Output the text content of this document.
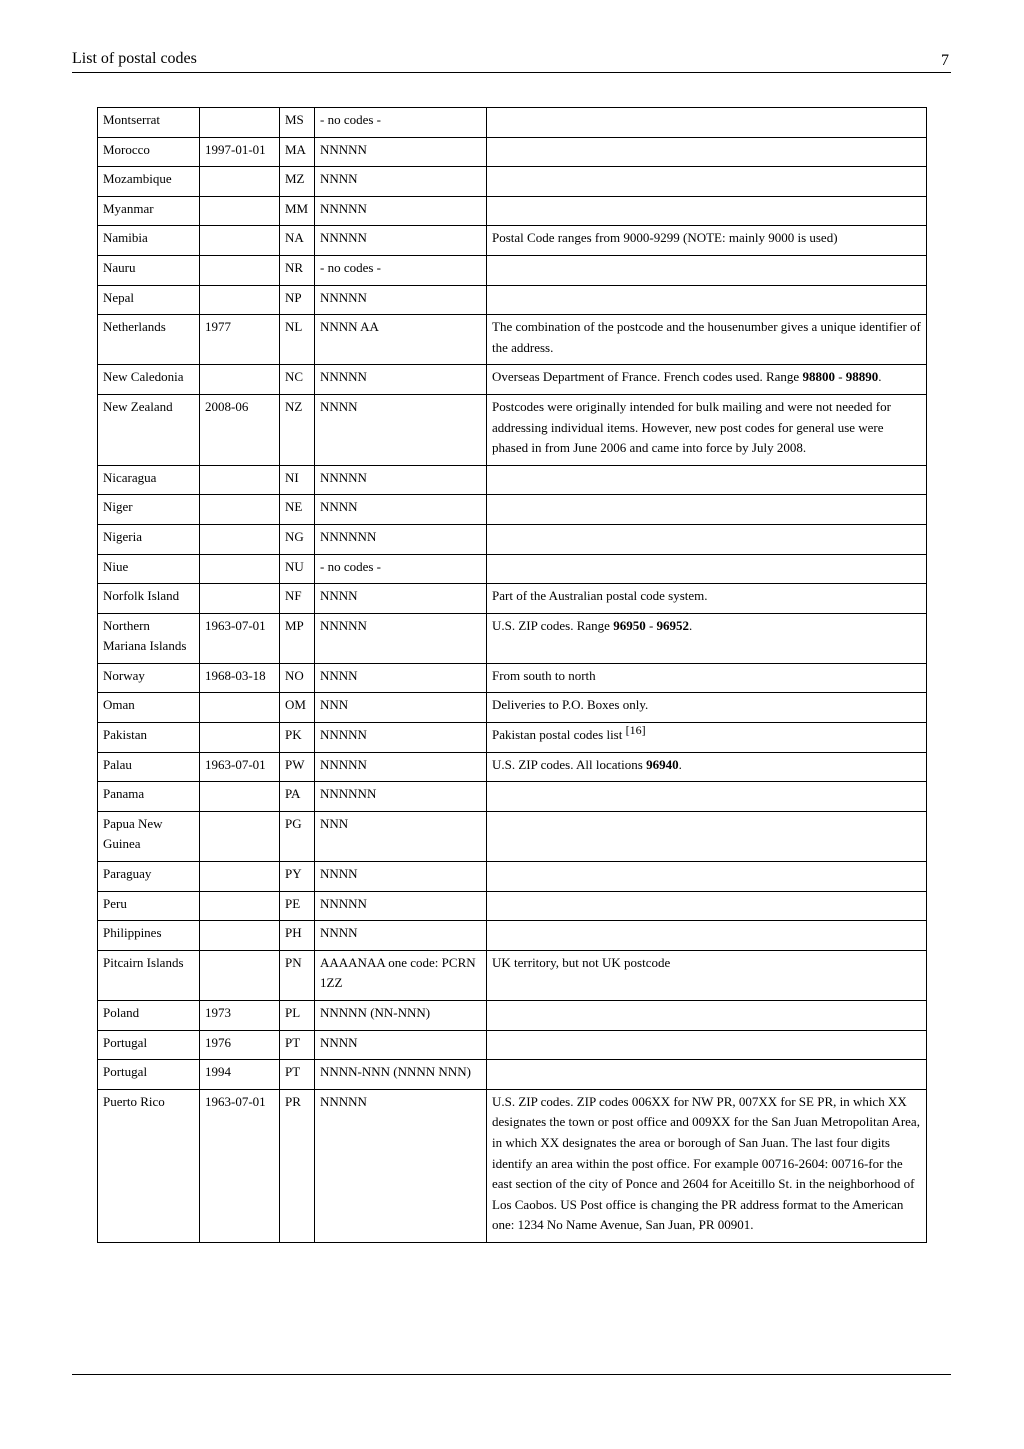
List of postal codes	7
Montserrat		MS	- no codes -	
Morocco	1997-01-01	MA	NNNNN	
Mozambique		MZ	NNNN	
Myanmar		MM	NNNNN	
Namibia		NA	NNNNN	Postal Code ranges from 9000-9299 (NOTE: mainly 9000 is used)
Nauru		NR	- no codes -	
Nepal		NP	NNNNN	
Netherlands	1977	NL	NNNN AA	The combination of the postcode and the housenumber gives a unique identifier of the address.
New Caledonia		NC	NNNNN	Overseas Department of France. French codes used. Range 98800 - 98890.
New Zealand	2008-06	NZ	NNNN	Postcodes were originally intended for bulk mailing and were not needed for addressing individual items. However, new post codes for general use were phased in from June 2006 and came into force by July 2008.
Nicaragua		NI	NNNNN	
Niger		NE	NNNN	
Nigeria		NG	NNNNNN	
Niue		NU	- no codes -	
Norfolk Island		NF	NNNN	Part of the Australian postal code system.
Northern Mariana Islands	1963-07-01	MP	NNNNN	U.S. ZIP codes. Range 96950 - 96952.
Norway	1968-03-18	NO	NNNN	From south to north
Oman		OM	NNN	Deliveries to P.O. Boxes only.
Pakistan		PK	NNNNN	Pakistan postal codes list [16]
Palau	1963-07-01	PW	NNNNN	U.S. ZIP codes. All locations 96940.
Panama		PA	NNNNNN	
Papua New Guinea		PG	NNN	
Paraguay		PY	NNNN	
Peru		PE	NNNNN	
Philippines		PH	NNNN	
Pitcairn Islands		PN	AAAANAA one code: PCRN 1ZZ	UK territory, but not UK postcode
Poland	1973	PL	NNNNN (NN-NNN)	
Portugal	1976	PT	NNNN	
Portugal	1994	PT	NNNN-NNN (NNNN NNN)	
Puerto Rico	1963-07-01	PR	NNNNN	U.S. ZIP codes. ZIP codes 006XX for NW PR, 007XX for SE PR, in which XX designates the town or post office and 009XX for the San Juan Metropolitan Area, in which XX designates the area or borough of San Juan. The last four digits identify an area within the post office. For example 00716-2604: 00716-for the east section of the city of Ponce and 2604 for Aceitillo St. in the neighborhood of Los Caobos. US Post office is changing the PR address format to the American one: 1234 No Name Avenue, San Juan, PR 00901.
